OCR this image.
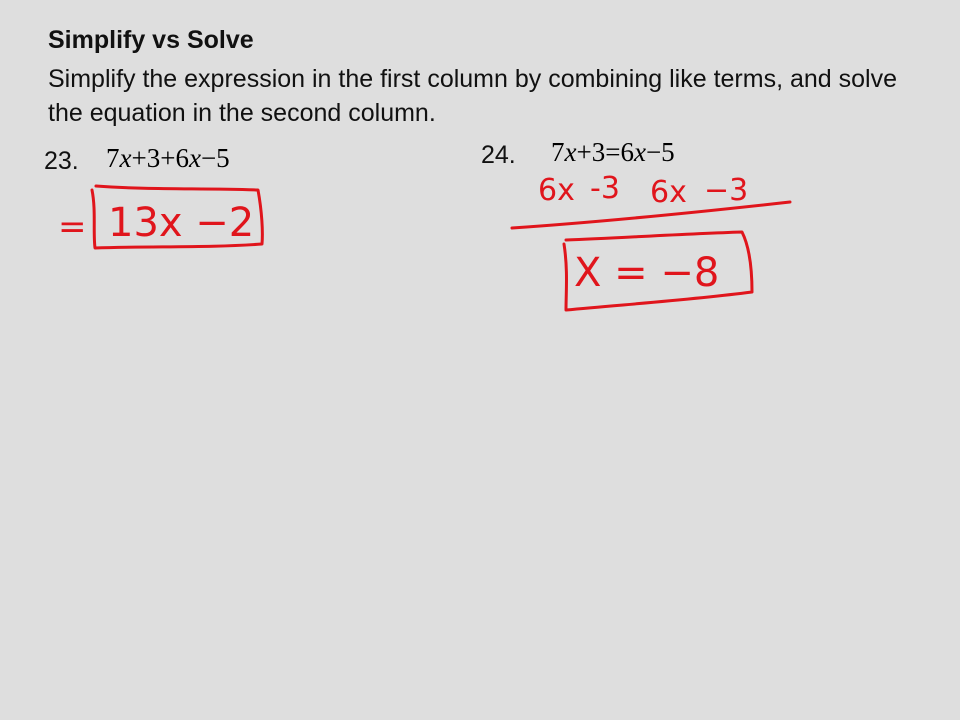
Simplify vs Solve

Simplify the expression in the first column by combining like terms, and solve the equation in the second column.

23. 7x+3+6x−5	24. 7x+3=6x−5
= 13x −2
6x -3 6x −3
X = −8
